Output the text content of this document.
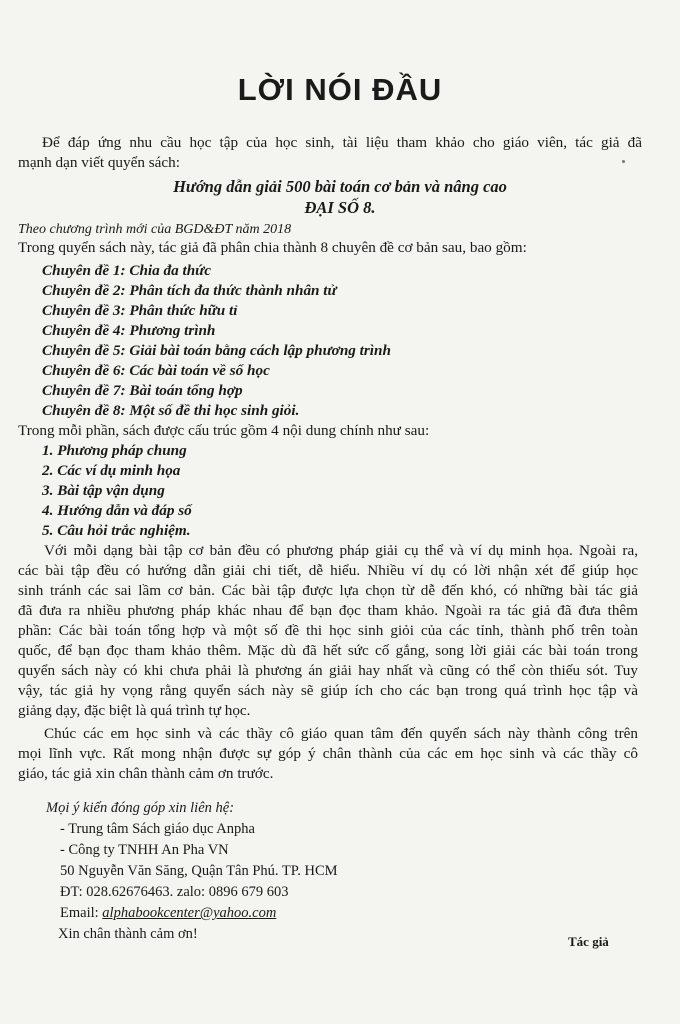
LỜI NÓI ĐẦU
Để đáp ứng nhu cầu học tập của học sinh, tài liệu tham khảo cho giáo viên, tác giả đã
mạnh dạn viết quyển sách:
Hướng dẫn giải 500 bài toán cơ bản và nâng cao
ĐẠI SỐ 8.
Theo chương trình mới của BGD&ĐT năm 2018
Trong quyển sách này, tác giả đã phân chia thành 8 chuyên đề cơ bản sau, bao gồm:
Chuyên đề 1: Chia đa thức
Chuyên đề 2: Phân tích đa thức thành nhân tử
Chuyên đề 3: Phân thức hữu tỉ
Chuyên đề 4: Phương trình
Chuyên đề 5: Giải bài toán bằng cách lập phương trình
Chuyên đề 6: Các bài toán về số học
Chuyên đề 7: Bài toán tổng hợp
Chuyên đề 8: Một số đề thi học sinh giỏi.
Trong mỗi phần, sách được cấu trúc gồm 4 nội dung chính như sau:
1. Phương pháp chung
2. Các ví dụ minh họa
3. Bài tập vận dụng
4. Hướng dẫn và đáp số
5. Câu hỏi trắc nghiệm.
Với mỗi dạng bài tập cơ bản đều có phương pháp giải cụ thể và ví dụ minh họa. Ngoài ra,
các bài tập đều có hướng dẫn giải chi tiết, dễ hiểu. Nhiều ví dụ có lời nhận xét để giúp học
sinh tránh các sai lầm cơ bản. Các bài tập được lựa chọn từ dễ đến khó, có những bài tác giả
đã đưa ra nhiều phương pháp khác nhau để bạn đọc tham khảo. Ngoài ra tác giả đã đưa thêm
phần: Các bài toán tổng hợp và một số đề thi học sinh giỏi của các tỉnh, thành phố trên toàn
quốc, để bạn đọc tham khảo thêm. Mặc dù đã hết sức cố gắng, song lời giải các bài toán trong
quyển sách này có khi chưa phải là phương án giải hay nhất và cũng có thể còn thiếu sót. Tuy
vậy, tác giả hy vọng rằng quyển sách này sẽ giúp ích cho các bạn trong quá trình học tập và
giảng dạy, đặc biệt là quá trình tự học.
Chúc các em học sinh và các thầy cô giáo quan tâm đến quyển sách này thành công trên
mọi lĩnh vực. Rất mong nhận được sự góp ý chân thành của các em học sinh và các thầy cô
giáo, tác giả xin chân thành cảm ơn trước.
Mọi ý kiến đóng góp xin liên hệ:
- Trung tâm Sách giáo dục Anpha
- Công ty TNHH An Pha VN
50 Nguyễn Văn Săng, Quận Tân Phú. TP. HCM
ĐT: 028.62676463. zalo: 0896 679 603
Email: alphabookcenter@yahoo.com
Xin chân thành cảm ơn!	Tác giả
